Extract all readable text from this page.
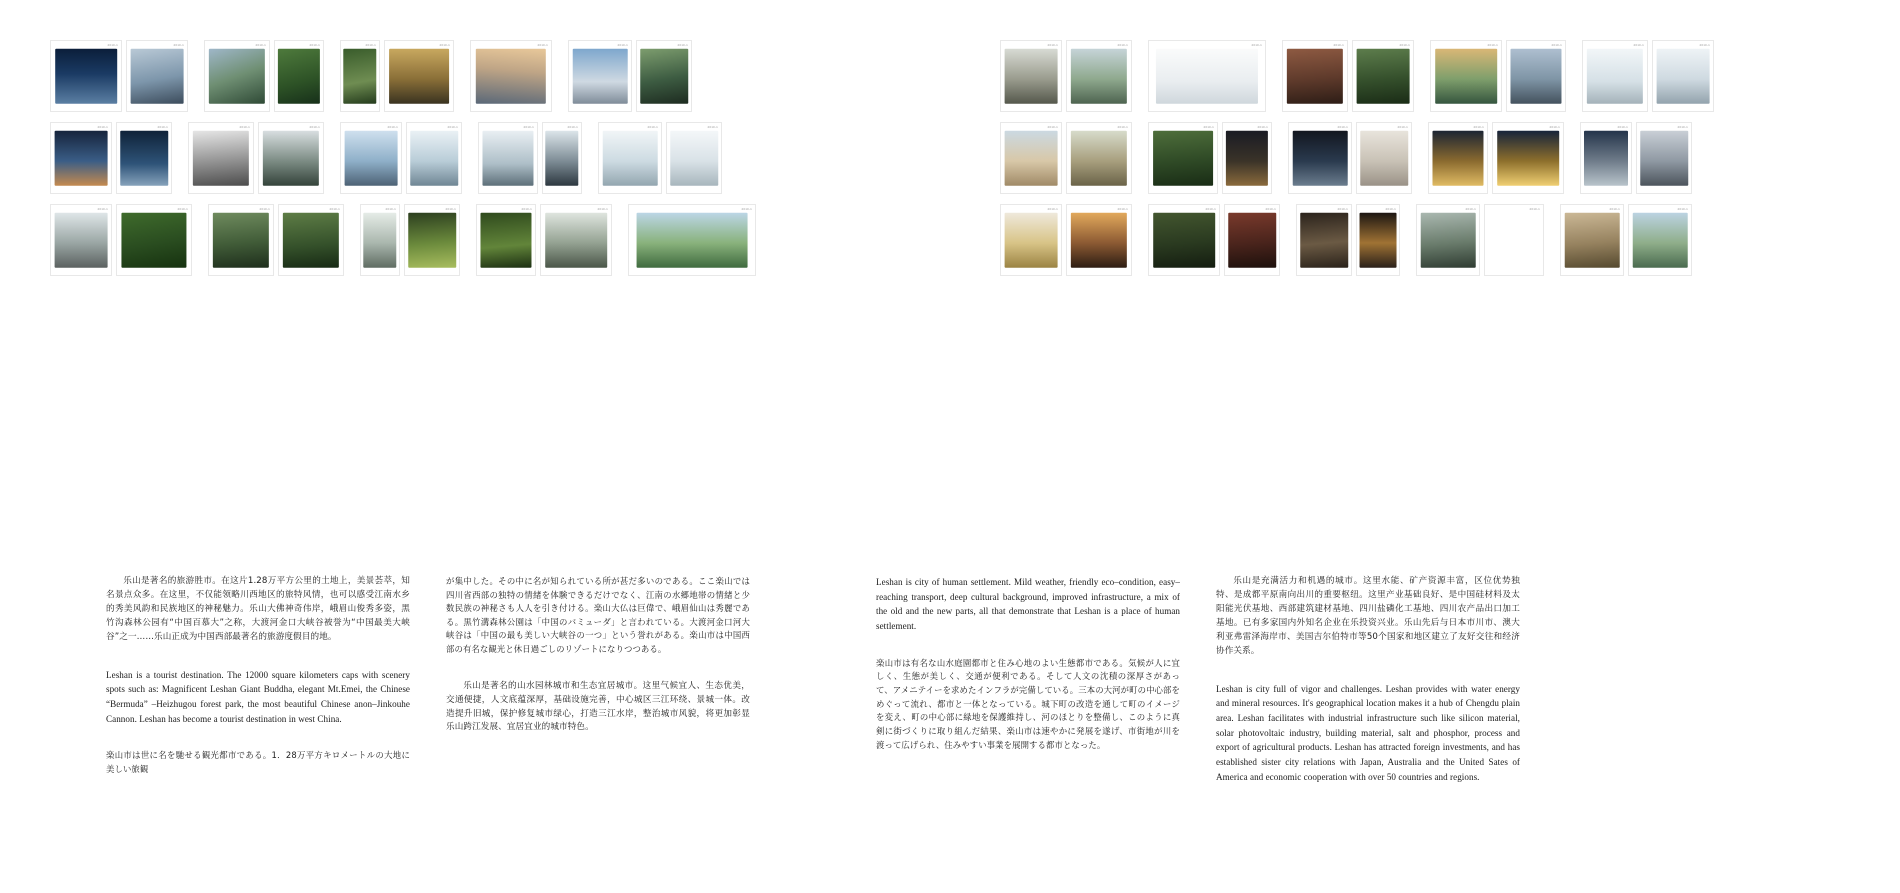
2010-1	2010-1	2010-1	2010-1	2010-1	2010-1	2010-1	2010-1	2010-1
2010-1	2010-1	2010-1	2010-1	2010-1	2010-1	2010-1	2010-1	2010-1	2010-1
2010-1	2010-1	2010-1	2010-1	2010-1	2010-1	2010-1	2010-1	2010-1
2010-1	2010-1	2010-1	2010-1	2010-1	2010-1	2010-1	2010-1	2010-1
2010-1	2010-1	2010-1	2010-1	2010-1	2010-1	2010-1	2010-1	2010-1	2010-1
2010-1	2010-1	2010-1	2010-1	2010-1	2010-1	2010-1	2010-1	2010-1	2010-1

乐山是著名的旅游胜市。在这片1.28万平方公里的土地上，美景荟萃，知名景点众多。在这里，不仅能领略川西地区的旅特风情，也可以感受江南水乡的秀美风韵和民族地区的神秘魅力。乐山大佛神奇伟岸，峨眉山俊秀多姿，黑竹沟森林公园有“中国百慕大”之称，大渡河金口大峡谷被誉为“中国最美大峡谷”之一……乐山正成为中国西部最著名的旅游度假目的地。

Leshan is a tourist destination. The 12000 square kilometers caps with scenery spots such as: Magnificent Leshan Giant Buddha, elegant Mt.Emei, the Chinese “Bermuda” –Heizhugou forest park, the most beautiful Chinese anon–Jinkouhe Cannon. Leshan has become a tourist destination in west China.

楽山市は世に名を馳せる観光都市である。1．28万平方キロメートルの大地に美しい旅観

が集中した。その中に名が知られている所が甚だ多いのである。ここ楽山では四川省西部の独特の情緒を体験できるだけでなく、江南の水郷地帯の情緒と少数民族の神秘さも人人を引き付ける。楽山大仏は巨偉で、峨眉仙山は秀麗である。黒竹溝森林公園は「中国のバミューダ」と言われている。大渡河金口河大峡谷は「中国の最も美しい大峡谷の一つ」という誉れがある。楽山市は中国西部の有名な観光と休日過ごしのリゾートになりつつある。

乐山是著名的山水园林城市和生态宜居城市。这里气候宜人、生态优美，交通便捷，人文底蕴深厚，基础设施完善，中心城区三江环绕、景城一体。改造提升旧城，保护修复城市绿心，打造三江水岸，整治城市风貌，将更加彰显乐山跨江发展、宜居宜业的城市特色。

Leshan is city of human settlement. Mild weather, friendly eco–condition, easy–reaching transport, deep cultural background, improved infrastructure, a mix of the old and the new parts, all that demonstrate that Leshan is a place of human settlement.

楽山市は有名な山水庭園都市と住み心地のよい生態都市である。気候が人に宜しく、生態が美しく、交通が便利である。そして人文の沈積の深厚さがあって、アメニテイーを求めたインフラが完備している。三本の大河が町の中心部をめぐって流れ、都市と一体となっている。城下町の改造を通して町のイメージを変え、町の中心部に緑地を保護維持し、河のほとりを整備し、このように真剣に街づくりに取り組んだ結果、楽山市は速やかに発展を遂げ、市街地が川を渡って広げられ、住みやすい事業を展開する都市となった。

乐山是充满活力和机遇的城市。这里水能、矿产资源丰富，区位优势独特、是成都平原南向出川的重要枢纽。这里产业基础良好、是中国硅材料及太阳能光伏基地、西部建筑建材基地、四川盐磷化工基地、四川农产品出口加工基地。已有多家国内外知名企业在乐投资兴业。乐山先后与日本市川市、澳大利亚弗雷泽海岸市、美国吉尔伯特市等50个国家和地区建立了友好交往和经济协作关系。

Leshan is city full of vigor and challenges. Leshan provides with water energy and mineral resources. It's geographical location makes it a hub of Chengdu plain area. Leshan facilitates with industrial infrastructure such like silicon material, solar photovoltaic industry, building material, salt and phosphor, process and export of agricultural products. Leshan has attracted foreign investments, and has established sister city relations with Japan, Australia and the United Sates of America and economic cooperation with over 50 countries and regions.
